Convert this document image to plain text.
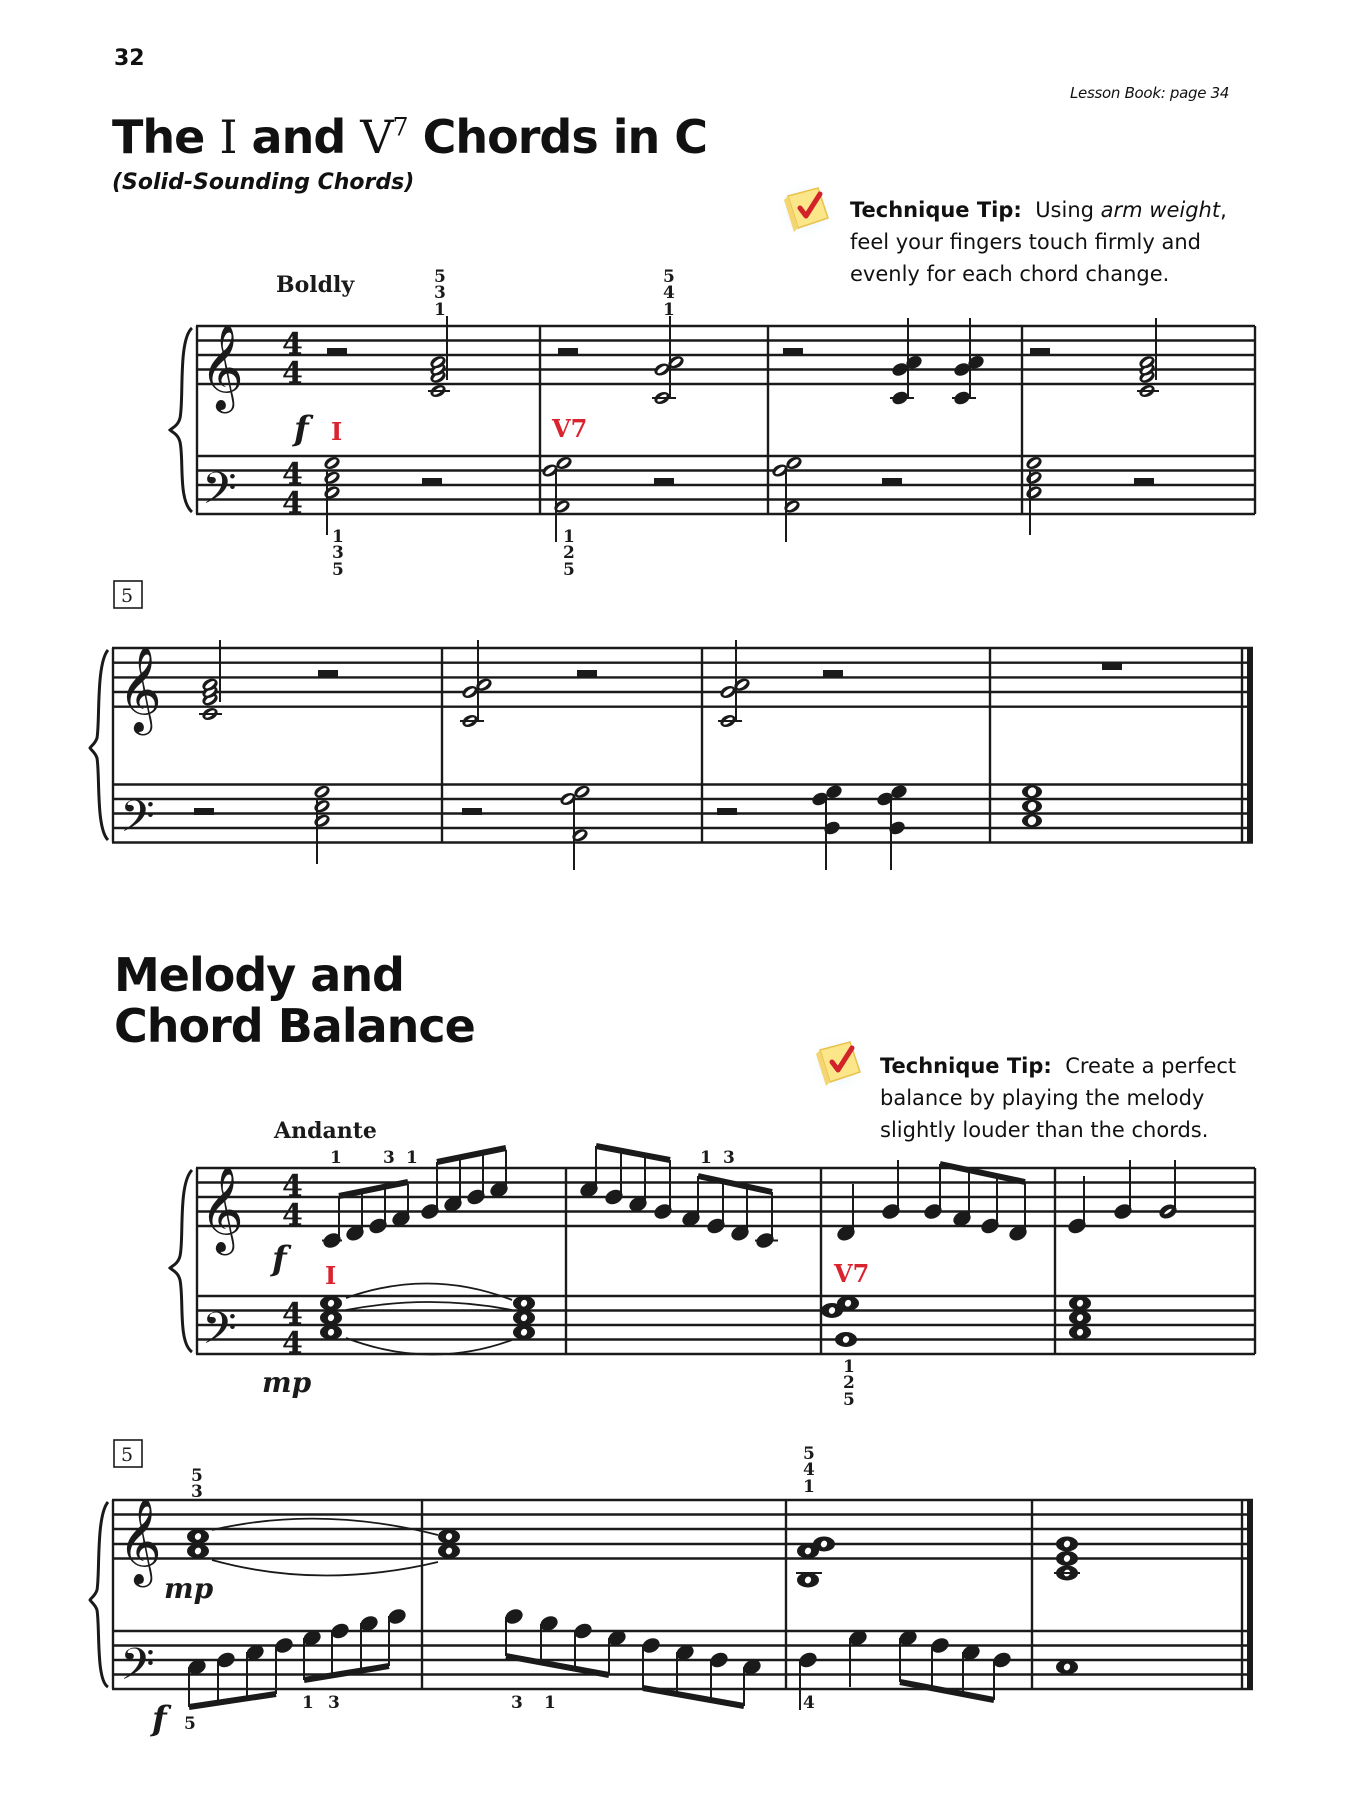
32
Lesson Book: page 34
The I and $V^7$ Chords in C
(Solid-Sounding Chords)
Technique Tip: Using arm weight, feel your fingers touch firmly and evenly for each chord change.
Melody and
Chord Balance
Technique Tip: Create a perfect balance by playing the melody slightly louder than the chords.
𝄞
𝄢
4
4
4
4
𝄞
𝄢
𝄞
𝄢
4
4
4
4
𝄞
𝄢
Boldly
f I	V7
5
3
1
5
4
1
1
3
5
1
2
5
5
Andante
1 3 1	1 3
f I	V7
mp	1
2
5
5
5
3
5
4
1
mp
f	5
1 3	3 1	4
